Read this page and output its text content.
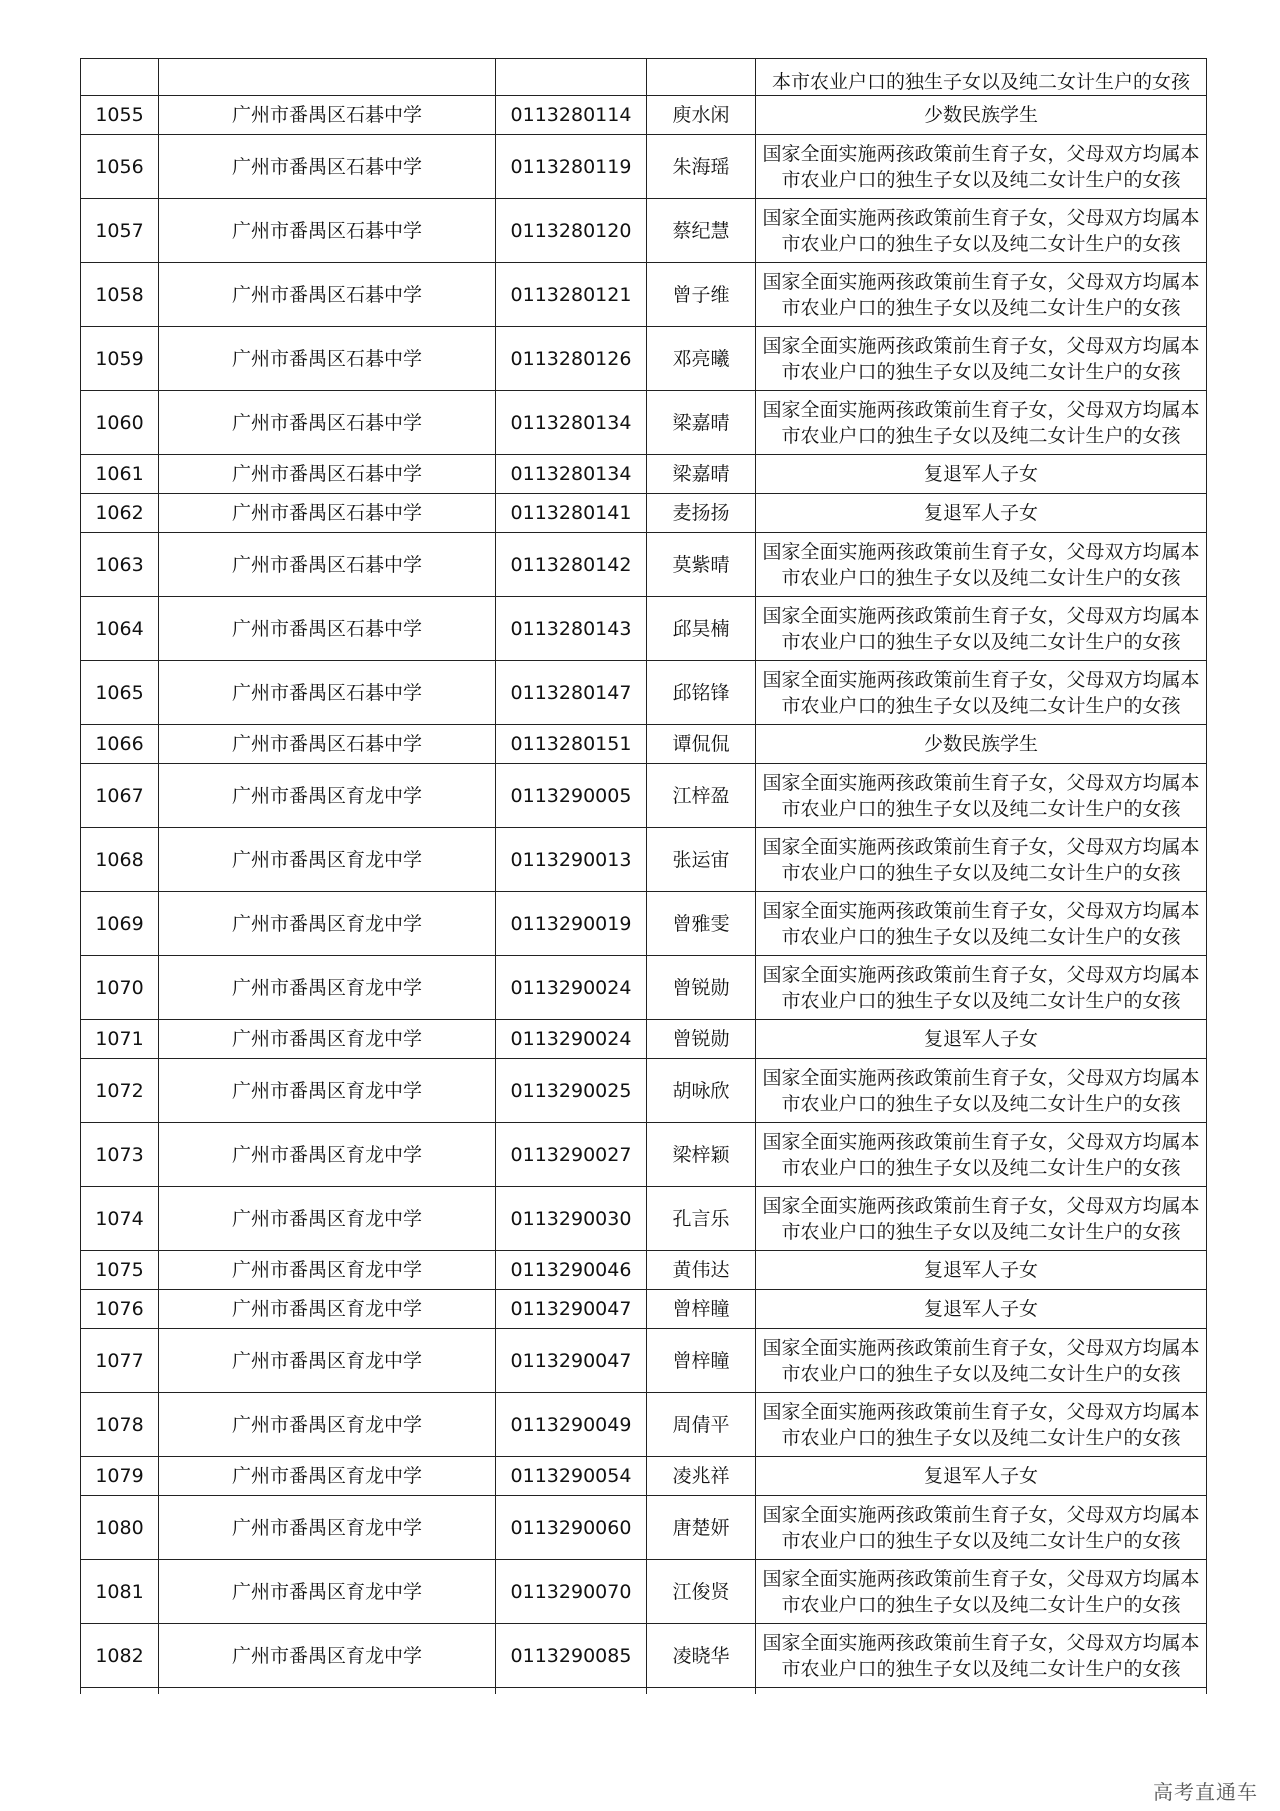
				本市农业户口的独生子女以及纯二女计生户的女孩

1055	广州市番禺区石碁中学	0113280114	庾水闲	少数民族学生
1056	广州市番禺区石碁中学	0113280119	朱海瑶	国家全面实施两孩政策前生育子女，父母双方均属本市农业户口的独生子女以及纯二女计生户的女孩
1057	广州市番禺区石碁中学	0113280120	蔡纪慧	国家全面实施两孩政策前生育子女，父母双方均属本市农业户口的独生子女以及纯二女计生户的女孩
1058	广州市番禺区石碁中学	0113280121	曾子维	国家全面实施两孩政策前生育子女，父母双方均属本市农业户口的独生子女以及纯二女计生户的女孩
1059	广州市番禺区石碁中学	0113280126	邓亮曦	国家全面实施两孩政策前生育子女，父母双方均属本市农业户口的独生子女以及纯二女计生户的女孩
1060	广州市番禺区石碁中学	0113280134	梁嘉晴	国家全面实施两孩政策前生育子女，父母双方均属本市农业户口的独生子女以及纯二女计生户的女孩
1061	广州市番禺区石碁中学	0113280134	梁嘉晴	复退军人子女
1062	广州市番禺区石碁中学	0113280141	麦扬扬	复退军人子女
1063	广州市番禺区石碁中学	0113280142	莫紫晴	国家全面实施两孩政策前生育子女，父母双方均属本市农业户口的独生子女以及纯二女计生户的女孩
1064	广州市番禺区石碁中学	0113280143	邱昊楠	国家全面实施两孩政策前生育子女，父母双方均属本市农业户口的独生子女以及纯二女计生户的女孩
1065	广州市番禺区石碁中学	0113280147	邱铭锋	国家全面实施两孩政策前生育子女，父母双方均属本市农业户口的独生子女以及纯二女计生户的女孩
1066	广州市番禺区石碁中学	0113280151	谭侃侃	少数民族学生
1067	广州市番禺区育龙中学	0113290005	江梓盈	国家全面实施两孩政策前生育子女，父母双方均属本市农业户口的独生子女以及纯二女计生户的女孩
1068	广州市番禺区育龙中学	0113290013	张运宙	国家全面实施两孩政策前生育子女，父母双方均属本市农业户口的独生子女以及纯二女计生户的女孩
1069	广州市番禺区育龙中学	0113290019	曾雅雯	国家全面实施两孩政策前生育子女，父母双方均属本市农业户口的独生子女以及纯二女计生户的女孩
1070	广州市番禺区育龙中学	0113290024	曾锐勋	国家全面实施两孩政策前生育子女，父母双方均属本市农业户口的独生子女以及纯二女计生户的女孩
1071	广州市番禺区育龙中学	0113290024	曾锐勋	复退军人子女
1072	广州市番禺区育龙中学	0113290025	胡咏欣	国家全面实施两孩政策前生育子女，父母双方均属本市农业户口的独生子女以及纯二女计生户的女孩
1073	广州市番禺区育龙中学	0113290027	梁梓颖	国家全面实施两孩政策前生育子女，父母双方均属本市农业户口的独生子女以及纯二女计生户的女孩
1074	广州市番禺区育龙中学	0113290030	孔言乐	国家全面实施两孩政策前生育子女，父母双方均属本市农业户口的独生子女以及纯二女计生户的女孩
1075	广州市番禺区育龙中学	0113290046	黄伟达	复退军人子女
1076	广州市番禺区育龙中学	0113290047	曾梓瞳	复退军人子女
1077	广州市番禺区育龙中学	0113290047	曾梓瞳	国家全面实施两孩政策前生育子女，父母双方均属本市农业户口的独生子女以及纯二女计生户的女孩
1078	广州市番禺区育龙中学	0113290049	周倩平	国家全面实施两孩政策前生育子女，父母双方均属本市农业户口的独生子女以及纯二女计生户的女孩
1079	广州市番禺区育龙中学	0113290054	凌兆祥	复退军人子女
1080	广州市番禺区育龙中学	0113290060	唐楚妍	国家全面实施两孩政策前生育子女，父母双方均属本市农业户口的独生子女以及纯二女计生户的女孩
1081	广州市番禺区育龙中学	0113290070	江俊贤	国家全面实施两孩政策前生育子女，父母双方均属本市农业户口的独生子女以及纯二女计生户的女孩
1082	广州市番禺区育龙中学	0113290085	凌晓华	国家全面实施两孩政策前生育子女，父母双方均属本市农业户口的独生子女以及纯二女计生户的女孩

高考直通车
